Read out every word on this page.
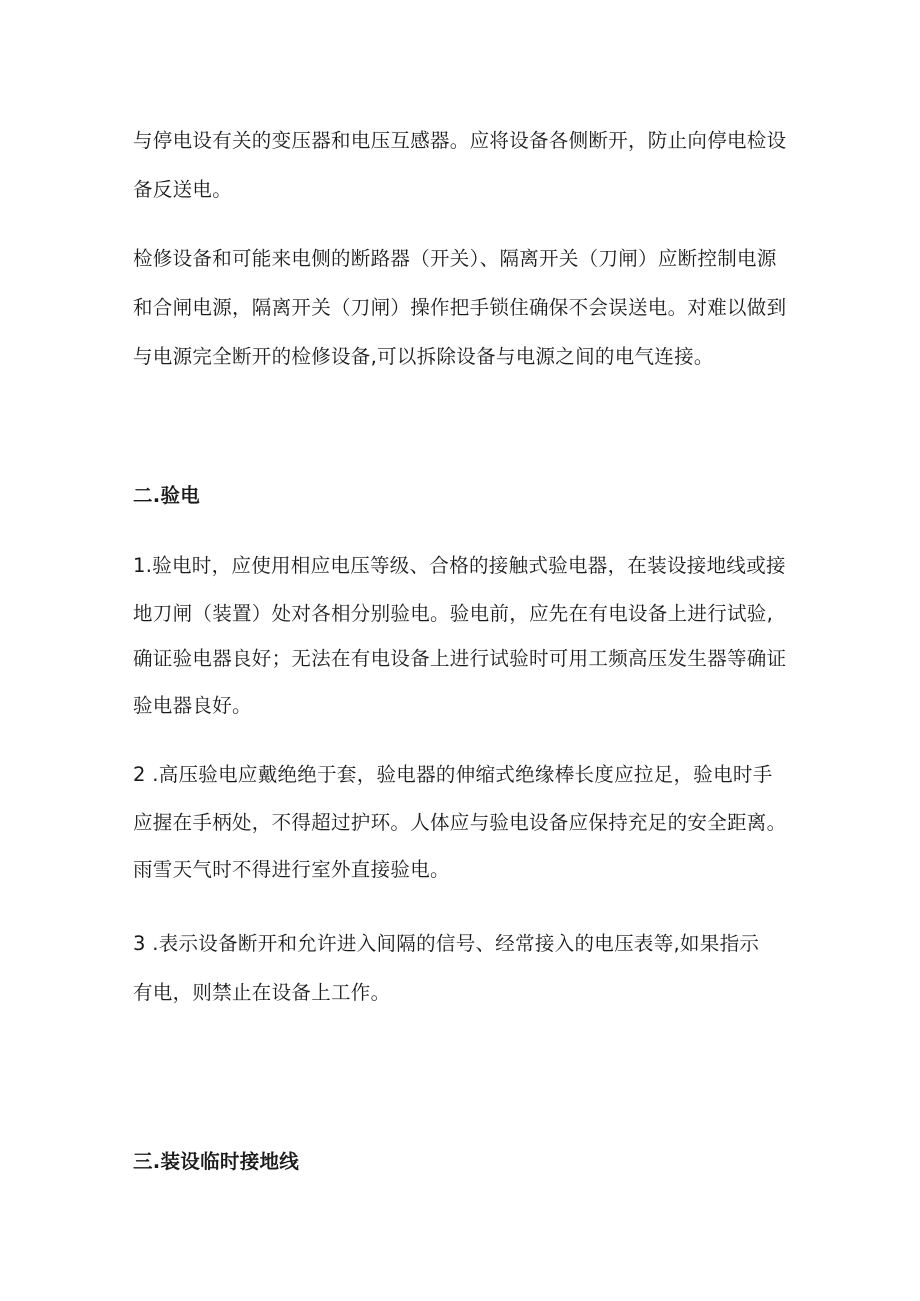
与停电设有关的变压器和电压互感器。应将设备各侧断开，防止向停电检设
备反送电。
检修设备和可能来电侧的断路器（开关）、隔离开关（刀闸）应断控制电源
和合闸电源，隔离开关（刀闸）操作把手锁住确保不会误送电。对难以做到
与电源完全断开的检修设备,可以拆除设备与电源之间的电气连接。
二.验电
1.验电时，应使用相应电压等级、合格的接触式验电器，在装设接地线或接
地刀闸（装置）处对各相分别验电。验电前，应先在有电设备上进行试验,
确证验电器良好；无法在有电设备上进行试验时可用工频高压发生器等确证
验电器良好。
2 .高压验电应戴绝绝于套，验电器的伸缩式绝缘棒长度应拉足，验电时手
应握在手柄处，不得超过护环。人体应与验电设备应保持充足的安全距离。
雨雪天气时不得进行室外直接验电。
3 .表示设备断开和允许进入间隔的信号、经常接入的电压表等,如果指示
有电，则禁止在设备上工作。
三.装设临时接地线
